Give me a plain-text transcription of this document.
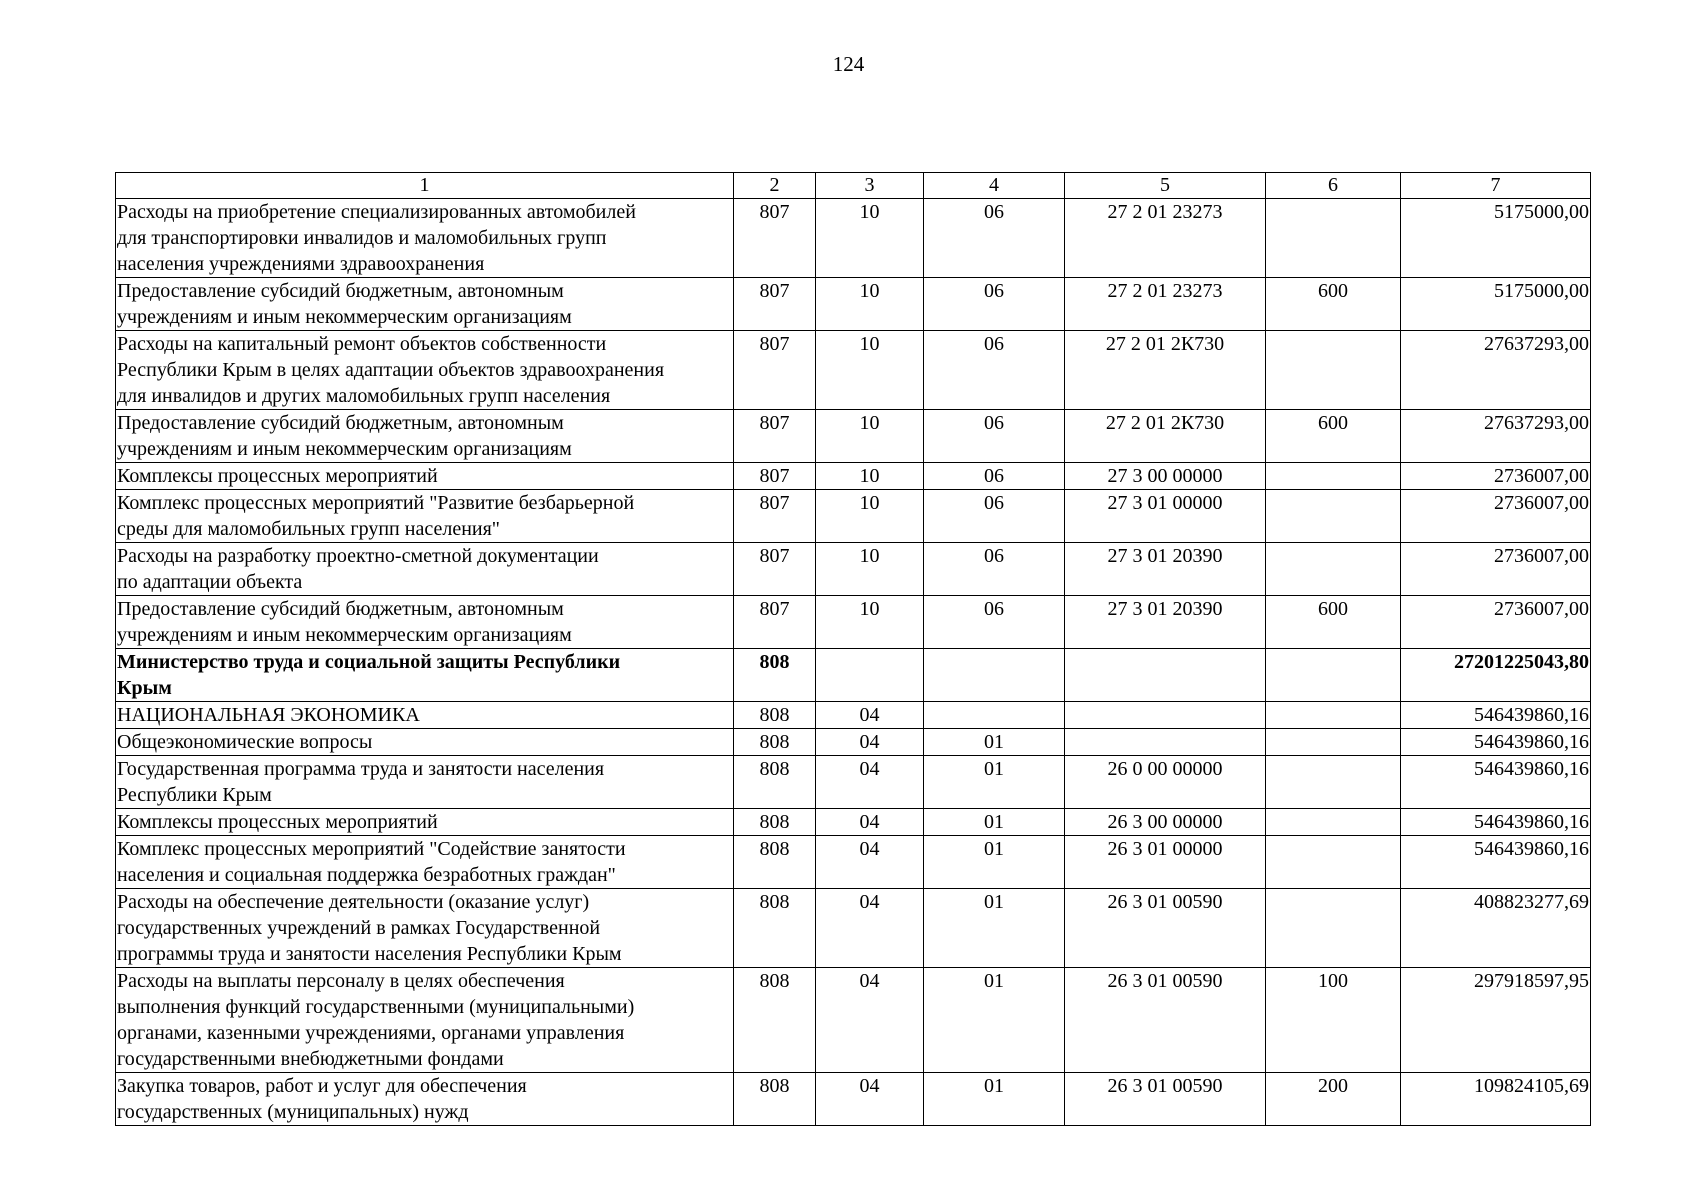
124
1	2	3	4	5	6	7
Расходы на приобретение специализированных автомобилей
для транспортировки инвалидов и маломобильных групп
населения учреждениями здравоохранения	807	10	06	27 2 01 23273		5175000,00
Предоставление субсидий бюджетным, автономным
учреждениям и иным некоммерческим организациям	807	10	06	27 2 01 23273	600	5175000,00
Расходы на капитальный ремонт объектов собственности
Республики Крым в целях адаптации объектов здравоохранения
для инвалидов и других маломобильных групп населения	807	10	06	27 2 01 2К730		27637293,00
Предоставление субсидий бюджетным, автономным
учреждениям и иным некоммерческим организациям	807	10	06	27 2 01 2К730	600	27637293,00
Комплексы процессных мероприятий	807	10	06	27 3 00 00000		2736007,00
Комплекс процессных мероприятий "Развитие безбарьерной
среды для маломобильных групп населения"	807	10	06	27 3 01 00000		2736007,00
Расходы на разработку проектно-сметной документации
по адаптации объекта	807	10	06	27 3 01 20390		2736007,00
Предоставление субсидий бюджетным, автономным
учреждениям и иным некоммерческим организациям	807	10	06	27 3 01 20390	600	2736007,00
Министерство труда и социальной защиты Республики
Крым	808					27201225043,80
НАЦИОНАЛЬНАЯ ЭКОНОМИКА	808	04				546439860,16
Общеэкономические вопросы	808	04	01			546439860,16
Государственная программа труда и занятости населения
Республики Крым	808	04	01	26 0 00 00000		546439860,16
Комплексы процессных мероприятий	808	04	01	26 3 00 00000		546439860,16
Комплекс процессных мероприятий "Содействие занятости
населения и социальная поддержка безработных граждан"	808	04	01	26 3 01 00000		546439860,16
Расходы на обеспечение деятельности (оказание услуг)
государственных учреждений в рамках Государственной
программы труда и занятости населения Республики Крым	808	04	01	26 3 01 00590		408823277,69
Расходы на выплаты персоналу в целях обеспечения
выполнения функций государственными (муниципальными)
органами, казенными учреждениями, органами управления
государственными внебюджетными фондами	808	04	01	26 3 01 00590	100	297918597,95
Закупка товаров, работ и услуг для обеспечения
государственных (муниципальных) нужд	808	04	01	26 3 01 00590	200	109824105,69
